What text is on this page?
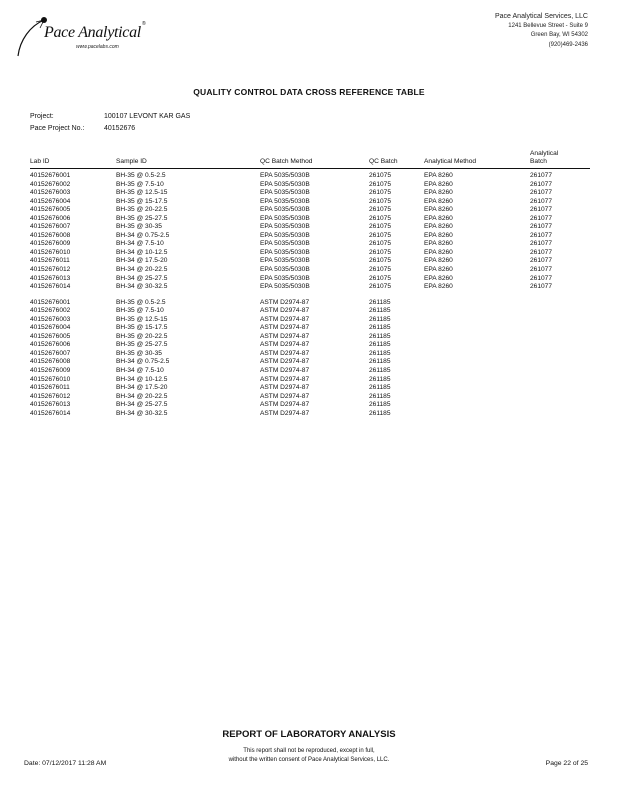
Pace Analytical ®
www.pacelabs.com
Pace Analytical Services, LLC
1241 Bellevue Street - Suite 9
Green Bay, WI 54302
(920)469-2436
QUALITY CONTROL DATA CROSS REFERENCE TABLE
Project:	100107 LEVONT KAR GAS
Pace Project No.:	40152676
Lab ID	Sample ID	QC Batch Method	QC Batch	Analytical Method
Analytical
Batch
40152676001	BH-35 @ 0.5-2.5	EPA 5035/5030B	261075	EPA 8260	261077
40152676002	BH-35 @ 7.5-10	EPA 5035/5030B	261075	EPA 8260	261077
40152676003	BH-35 @ 12.5-15	EPA 5035/5030B	261075	EPA 8260	261077
40152676004	BH-35 @ 15-17.5	EPA 5035/5030B	261075	EPA 8260	261077
40152676005	BH-35 @ 20-22.5	EPA 5035/5030B	261075	EPA 8260	261077
40152676006	BH-35 @ 25-27.5	EPA 5035/5030B	261075	EPA 8260	261077
40152676007	BH-35 @ 30-35	EPA 5035/5030B	261075	EPA 8260	261077
40152676008	BH-34 @ 0.75-2.5	EPA 5035/5030B	261075	EPA 8260	261077
40152676009	BH-34 @ 7.5-10	EPA 5035/5030B	261075	EPA 8260	261077
40152676010	BH-34 @ 10-12.5	EPA 5035/5030B	261075	EPA 8260	261077
40152676011	BH-34 @ 17.5-20	EPA 5035/5030B	261075	EPA 8260	261077
40152676012	BH-34 @ 20-22.5	EPA 5035/5030B	261075	EPA 8260	261077
40152676013	BH-34 @ 25-27.5	EPA 5035/5030B	261075	EPA 8260	261077
40152676014	BH-34 @ 30-32.5	EPA 5035/5030B	261075	EPA 8260	261077
40152676001	BH-35 @ 0.5-2.5	ASTM D2974-87	261185
40152676002	BH-35 @ 7.5-10	ASTM D2974-87	261185
40152676003	BH-35 @ 12.5-15	ASTM D2974-87	261185
40152676004	BH-35 @ 15-17.5	ASTM D2974-87	261185
40152676005	BH-35 @ 20-22.5	ASTM D2974-87	261185
40152676006	BH-35 @ 25-27.5	ASTM D2974-87	261185
40152676007	BH-35 @ 30-35	ASTM D2974-87	261185
40152676008	BH-34 @ 0.75-2.5	ASTM D2974-87	261185
40152676009	BH-34 @ 7.5-10	ASTM D2974-87	261185
40152676010	BH-34 @ 10-12.5	ASTM D2974-87	261185
40152676011	BH-34 @ 17.5-20	ASTM D2974-87	261185
40152676012	BH-34 @ 20-22.5	ASTM D2974-87	261185
40152676013	BH-34 @ 25-27.5	ASTM D2974-87	261185
40152676014	BH-34 @ 30-32.5	ASTM D2974-87	261185
REPORT OF LABORATORY ANALYSIS
This report shall not be reproduced, except in full,
without the written consent of Pace Analytical Services, LLC.
Date: 07/12/2017 11:28 AM	Page 22 of 25
